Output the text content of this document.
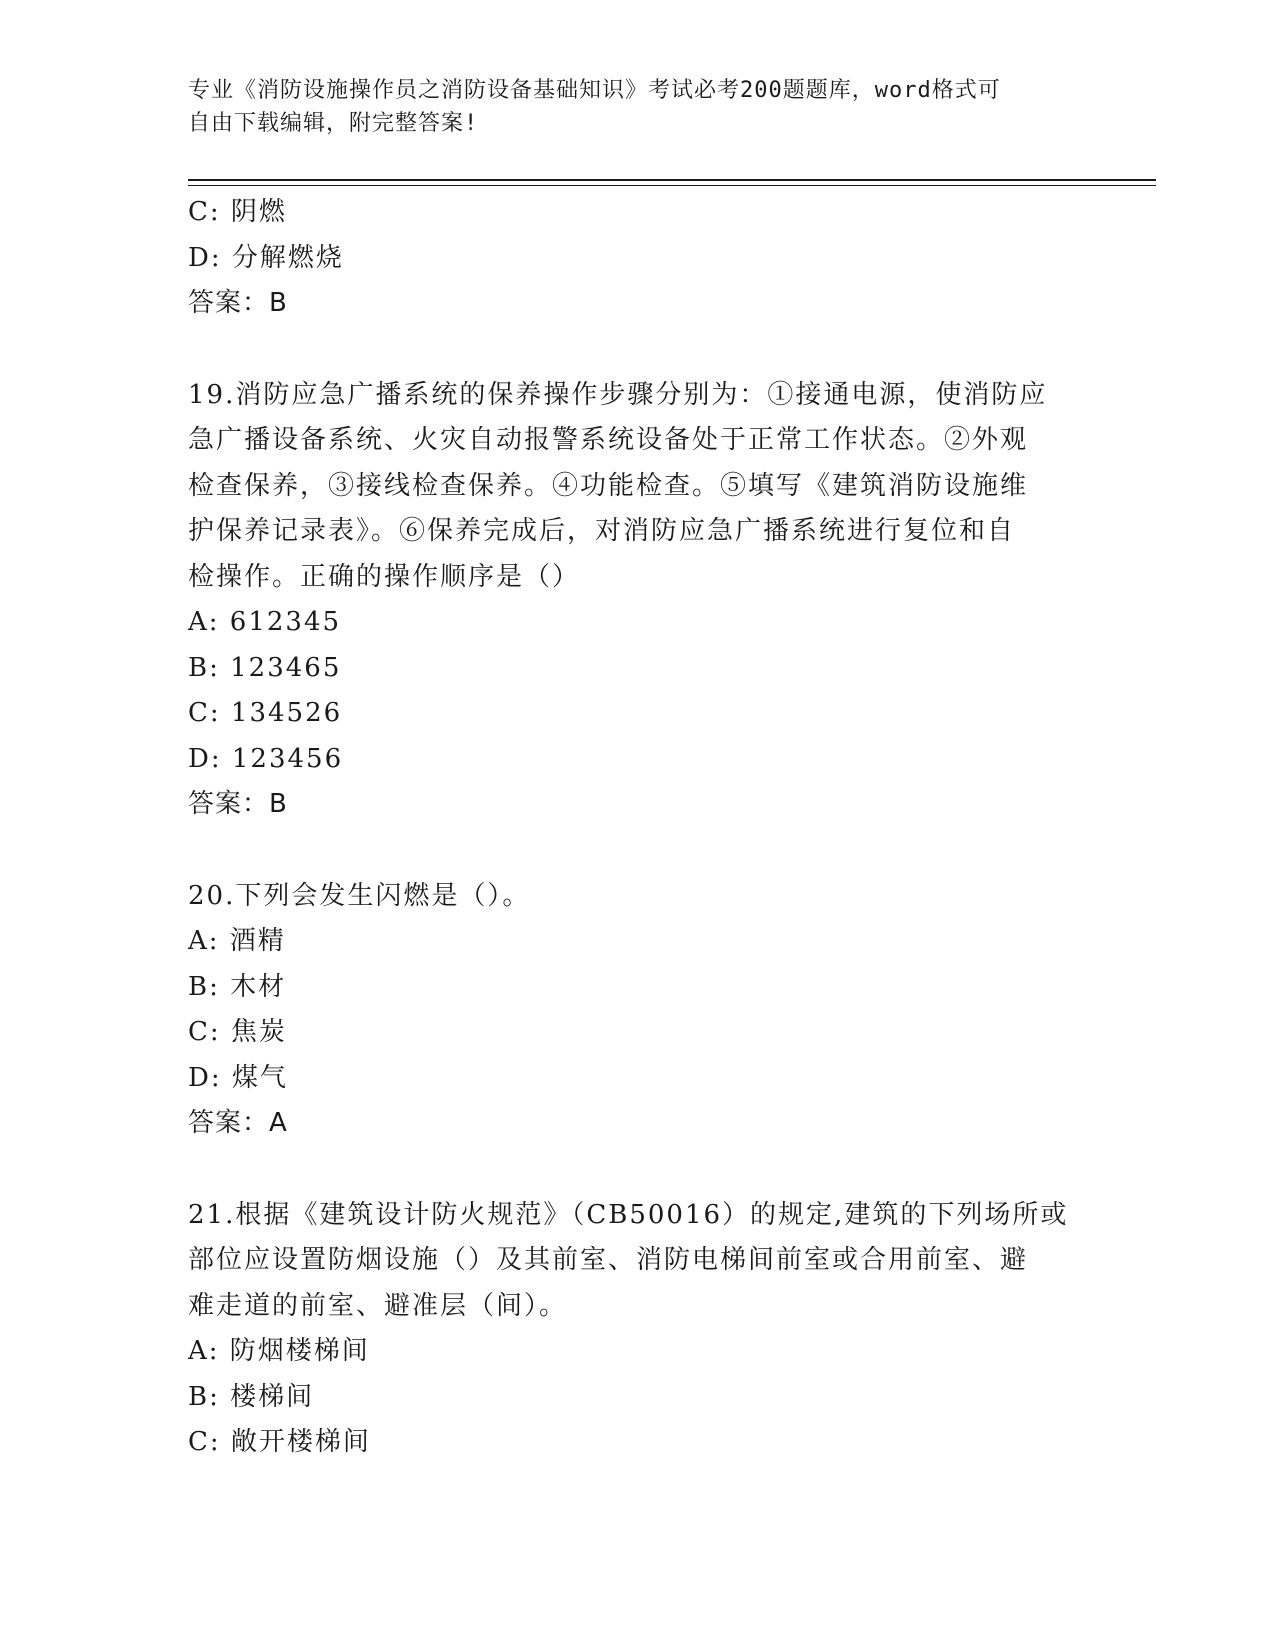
专业《消防设施操作员之消防设备基础知识》考试必考200题题库，word格式可
自由下载编辑，附完整答案!
C: 阴燃
D: 分解燃烧
答案：B
19.消防应急广播系统的保养操作步骤分别为：①接通电源，使消防应
急广播设备系统、火灾自动报警系统设备处于正常工作状态。②外观
检查保养，③接线检查保养。④功能检查。⑤填写《建筑消防设施维
护保养记录表》。⑥保养完成后，对消防应急广播系统进行复位和自
检操作。正确的操作顺序是（）
A: 612345
B: 123465
C: 134526
D: 123456
答案：B
20.下列会发生闪燃是（）。
A: 酒精
B: 木材
C: 焦炭
D: 煤气
答案：A
21.根据《建筑设计防火规范》（CB50016）的规定,建筑的下列场所或
部位应设置防烟设施（）及其前室、消防电梯间前室或合用前室、避
难走道的前室、避准层（间）。
A: 防烟楼梯间
B: 楼梯间
C: 敞开楼梯间
